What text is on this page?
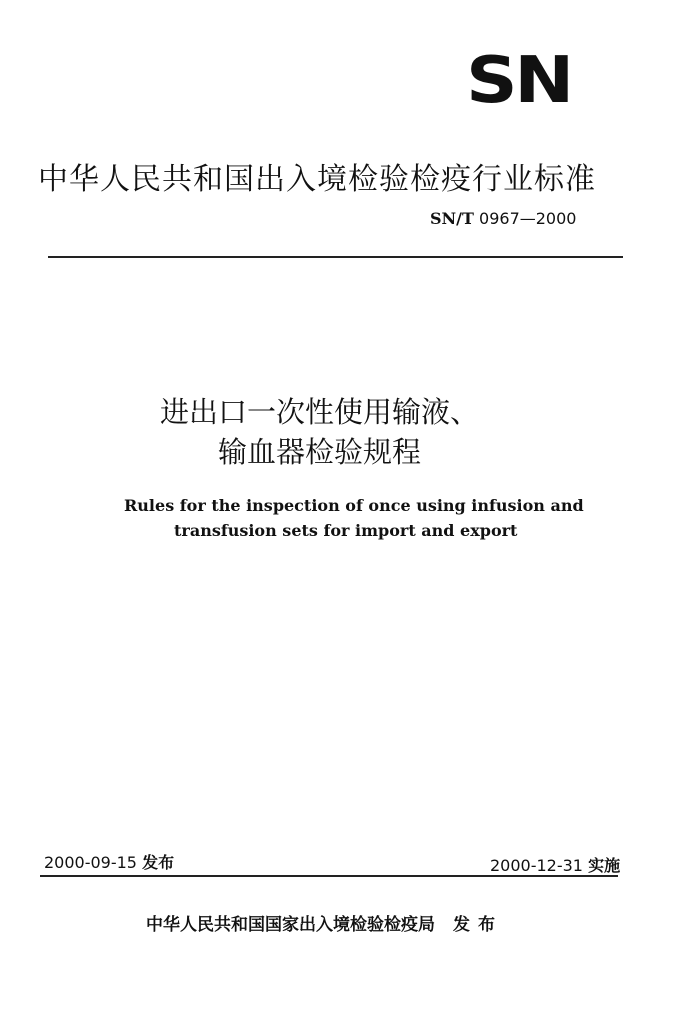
SN
中华人民共和国出入境检验检疫行业标准
SN/T 0967—2000
进出口一次性使用输液、
输血器检验规程
Rules for the inspection of once using infusion and
transfusion sets for import and export
2000-09-15 发布	2000-12-31 实施
中华人民共和国国家出入境检验检疫局 发布
